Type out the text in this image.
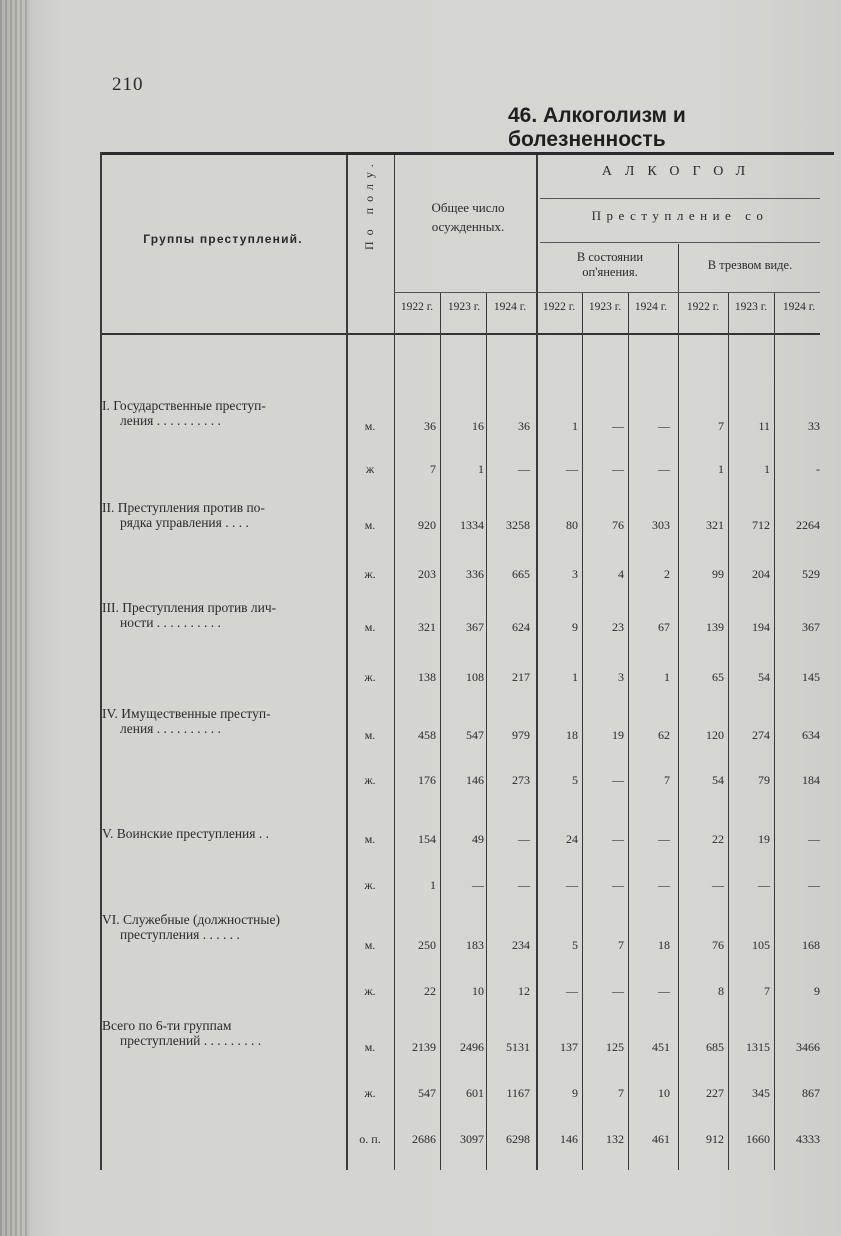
210
46. Алкоголизм и болезненность
Группы преступлений.	По полу.	Общее число
осужденных.
АЛКОГОЛ
Преступление со
В состоянии
оп'янения.	В трезвом виде.
1922 г.	1923 г.	1924 г.	1922 г.	1923 г.	1924 г.	1922 г.	1923 г.	1924 г.
I. Государственные преступ-
ления . . . . . . . . . .	м.	36	16	36	1	—	—	7	11	33
ж	7	1	—	—	—	—	1	1	-
II. Преступления против по-
рядка управления . . . .	м.	920 1334 3258	80	76 303	321 712 2264
ж.	203	336 665	3	4	2	99 204	529
III. Преступления против лич-
ности . . . . . . . . . .	м.	321	367 624	9	23	67	139 194	367
ж.	138	108 217	1	3	1	65	54	145
IV. Имущественные преступ-
ления . . . . . . . . . .	м.	458	547 979	18	19	62	120 274	634
ж.	176	146 273	5	—	7	54	79	184
V. Воинские преступления . .	м.	154	49	—	24	—	—	22	19	—
ж.	1	—	—	—	—	—	—	—	—
VI. Служебные (должностные)
преступления . . . . . .
м.	250	183 234	5	7	18	76 105	168
ж.	22	10	12	—	—	—	8	7	9
Всего по 6-ти группам
преступлений . . . . . . . . .	м.	2139 2496 5131	137 125 451	685 1315 3466
ж.	547	601 1167	9	7	10	227 345	867
о. п.	2686 3097 6298	146 132 461	912 1660 4333
